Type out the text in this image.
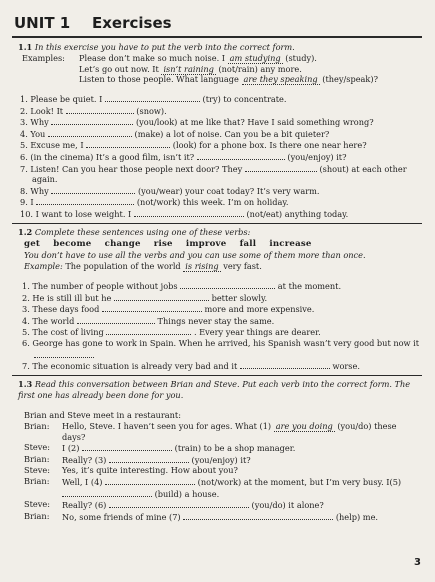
UNIT 1 Exercises
1.1 In this exercise you have to put the verb into the correct form.
Examples: Please don’t make so much noise. I am studying (study).
Let’s go out now. It isn’t raining (not/rain) any more.
Listen to those people. What language are they speaking (they/speak)?
1. Please be quiet. I	(try) to concentrate.
2. Look! It	(snow).
3. Why	(you/look) at me like that? Have I said something wrong?
4. You	(make) a lot of noise. Can you be a bit quieter?
5. Excuse me, I	(look) for a phone box. Is there one near here?
6. (in the cinema) It’s a good film, isn’t it?	(you/enjoy) it?
7. Listen! Can you hear those people next door? They	(shout) at each other again.
8. Why	(you/wear) your coat today? It’s very warm.
9. I	(not/work) this week. I’m on holiday.
10. I want to lose weight. I	(not/eat) anything today.
1.2 Complete these sentences using one of these verbs:
get become change rise improve fall increase
You don’t have to use all the verbs and you can use some of them more than once.
Example: The population of the world is rising very fast.
1. The number of people without jobs	at the moment.
2. He is still ill but he	better slowly.
3. These days food	more and more expensive.
4. The world	Things never stay the same.
5. The cost of living	. Every year things are dearer.
6. George has gone to work in Spain. When he arrived, his Spanish wasn’t very good but now it
7. The economic situation is already very bad and it	worse.
1.3 Read this conversation between Brian and Steve. Put each verb into the correct form. The first one has already been done for you.
Brian and Steve meet in a restaurant:
Brian: Hello, Steve. I haven’t seen you for ages. What (1) are you doing (you/do) these days?
Steve: I (2)	(train) to be a shop manager.
Brian: Really? (3)	(you/enjoy) it?
Steve: Yes, it’s quite interesting. How about you?
Brian: Well, I (4)	(not/work) at the moment, but I’m very busy. I(5)  (build) a house.
Steve: Really? (6)	(you/do) it alone?
Brian: No, some friends of mine (7)	(help) me.
3
